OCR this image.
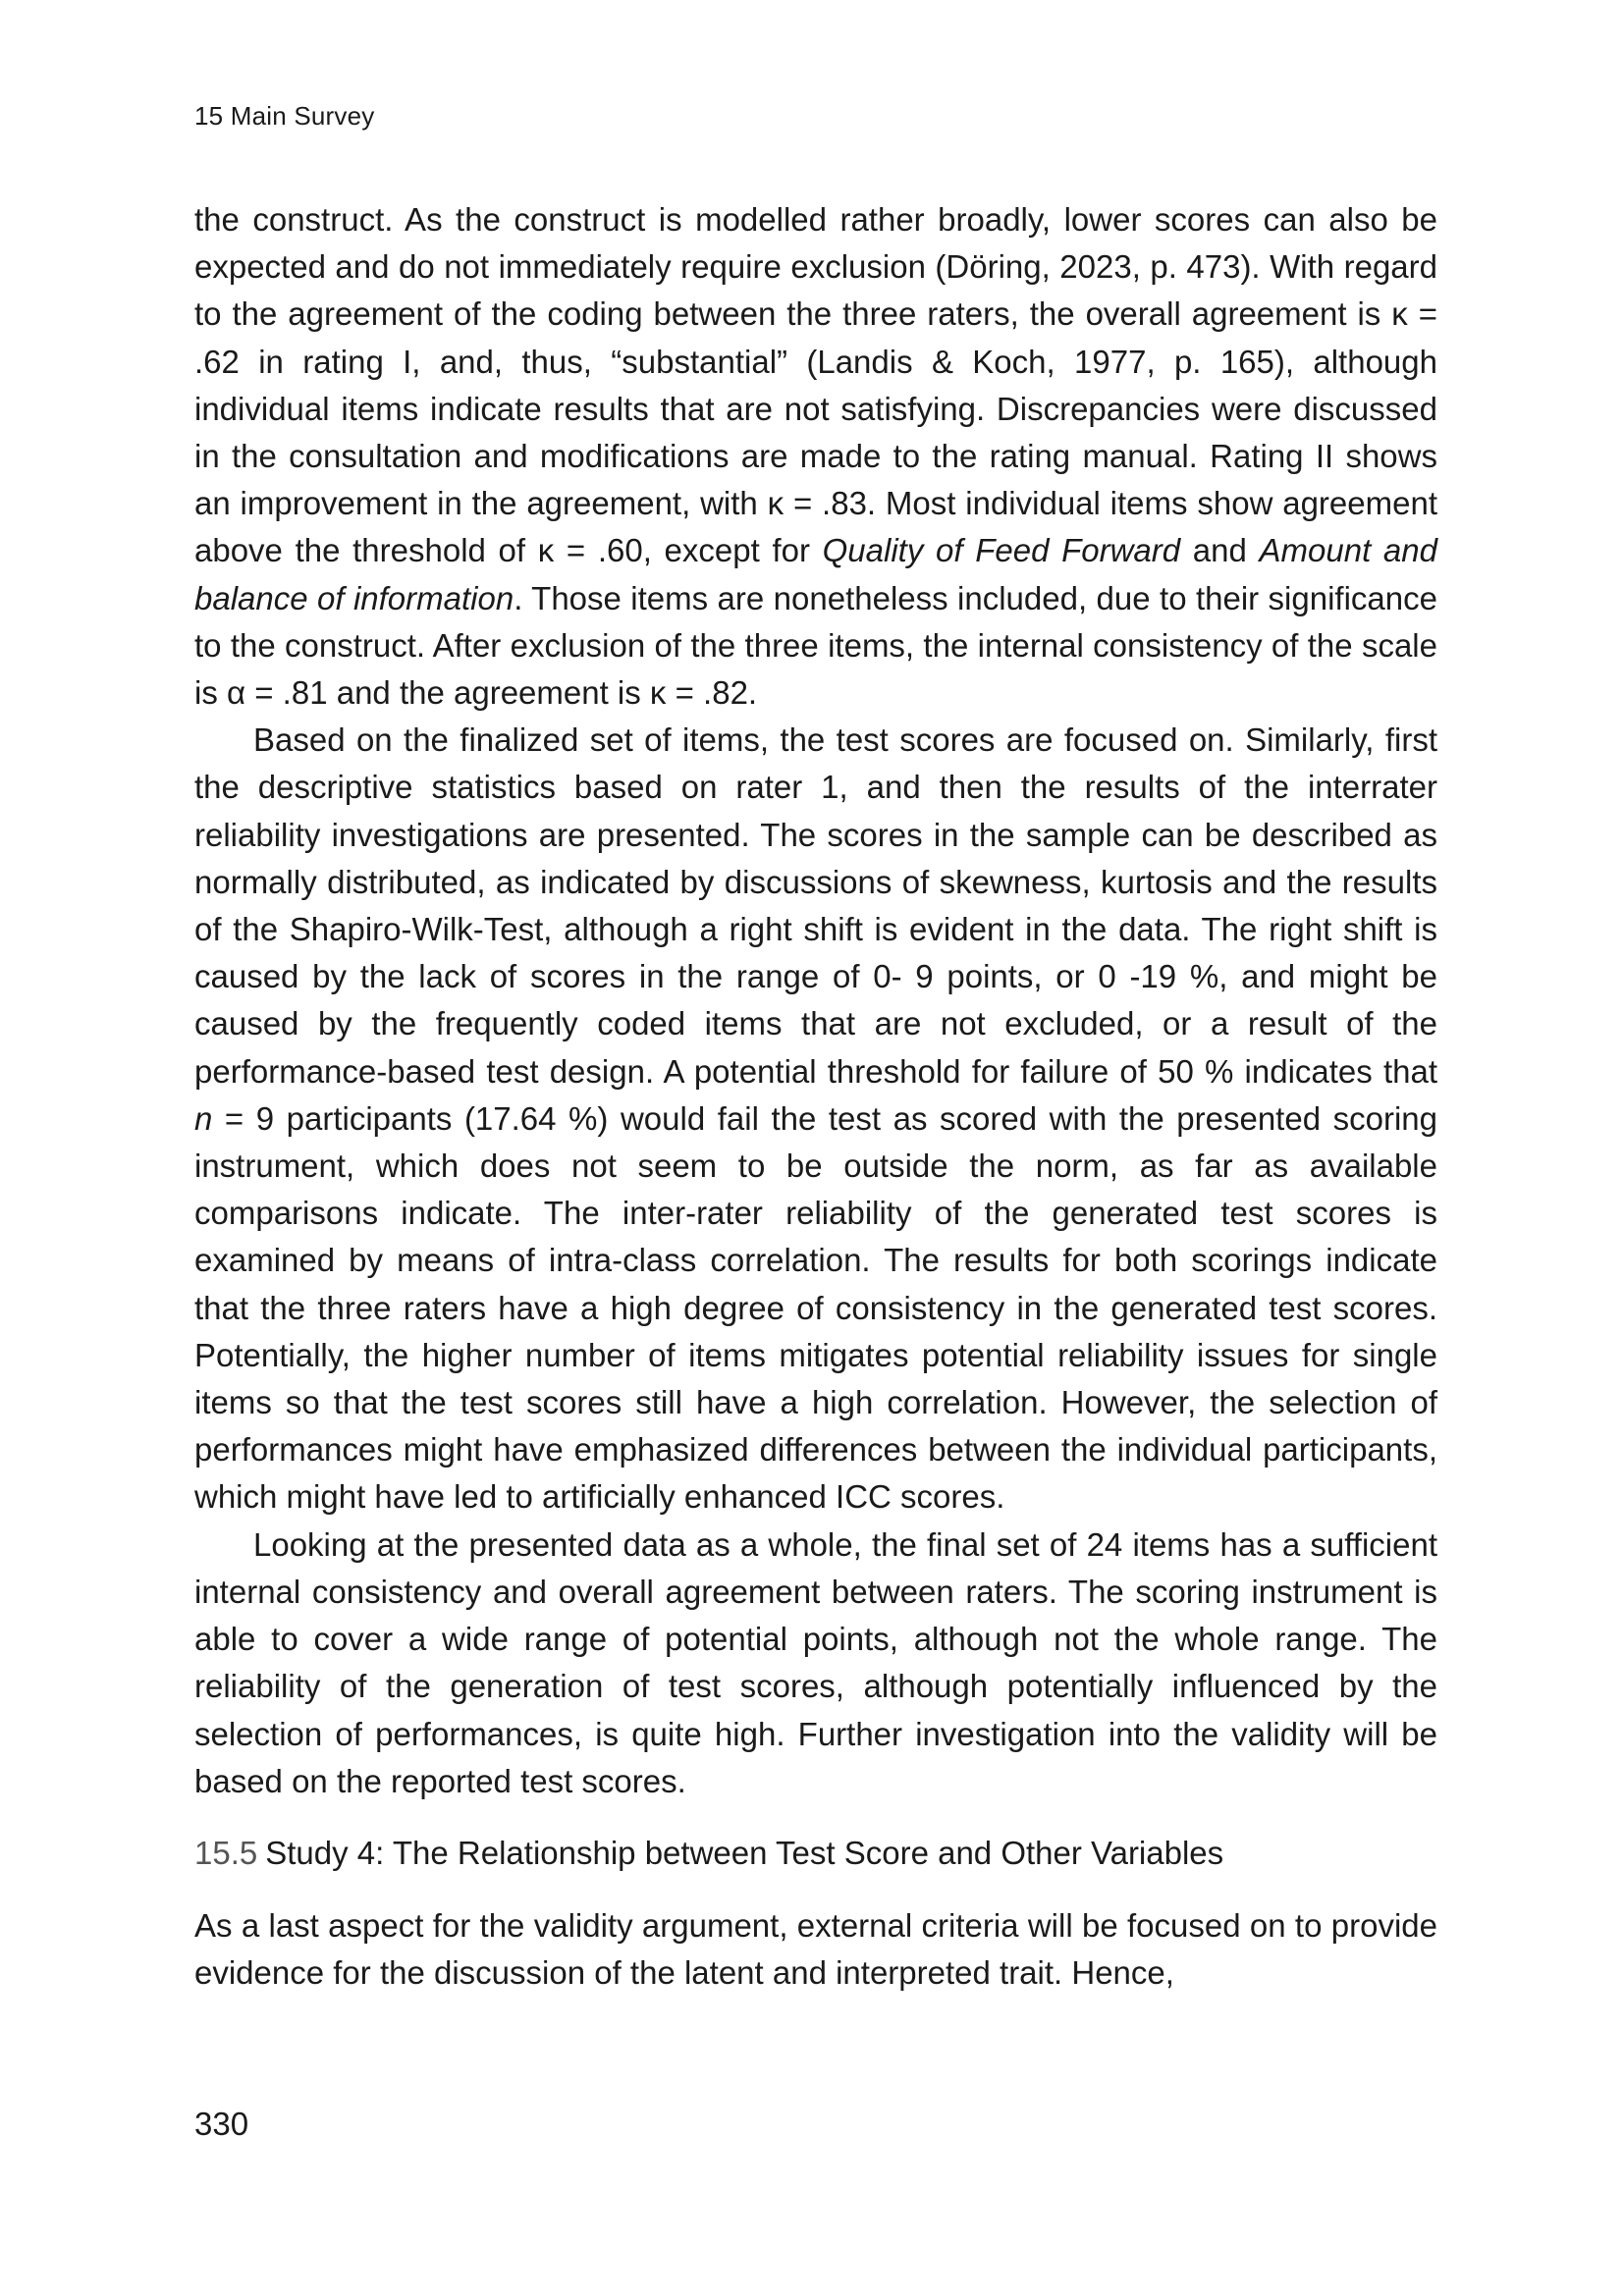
15 Main Survey

the construct. As the construct is modelled rather broadly, lower scores can also be expected and do not immediately require exclusion (Döring, 2023, p. 473). With regard to the agreement of the coding between the three raters, the overall agreement is κ = .62 in rating I, and, thus, “substantial” (Landis & Koch, 1977, p. 165), although individual items indicate results that are not satisfying. Discrepancies were discussed in the consultation and modifications are made to the rating manual. Rating II shows an improvement in the agreement, with κ = .83. Most individual items show agreement above the threshold of κ = .60, except for Quality of Feed Forward and Amount and balance of information. Those items are nonetheless included, due to their significance to the construct. After exclusion of the three items, the internal consistency of the scale is α = .81 and the agreement is κ = .82.

Based on the finalized set of items, the test scores are focused on. Similarly, first the descriptive statistics based on rater 1, and then the results of the interrater reliability investigations are presented. The scores in the sample can be described as normally distributed, as indicated by discussions of skewness, kurtosis and the results of the Shapiro-Wilk-Test, although a right shift is evident in the data. The right shift is caused by the lack of scores in the range of 0- 9 points, or 0 -19 %, and might be caused by the frequently coded items that are not excluded, or a result of the performance-based test design. A potential threshold for failure of 50 % indicates that n = 9 participants (17.64 %) would fail the test as scored with the presented scoring instrument, which does not seem to be outside the norm, as far as available comparisons indicate. The inter-rater reliability of the generated test scores is examined by means of intra-class correlation. The results for both scorings indicate that the three raters have a high degree of consistency in the generated test scores. Potentially, the higher number of items mitigates potential reliability issues for single items so that the test scores still have a high correlation. However, the selection of performances might have emphasized differences between the individual participants, which might have led to artificially enhanced ICC scores.

Looking at the presented data as a whole, the final set of 24 items has a sufficient internal consistency and overall agreement between raters. The scoring instrument is able to cover a wide range of potential points, although not the whole range. The reliability of the generation of test scores, although potentially influenced by the selection of performances, is quite high. Further investigation into the validity will be based on the reported test scores.

15.5 Study 4: The Relationship between Test Score and Other Variables

As a last aspect for the validity argument, external criteria will be focused on to provide evidence for the discussion of the latent and interpreted trait. Hence,

330
